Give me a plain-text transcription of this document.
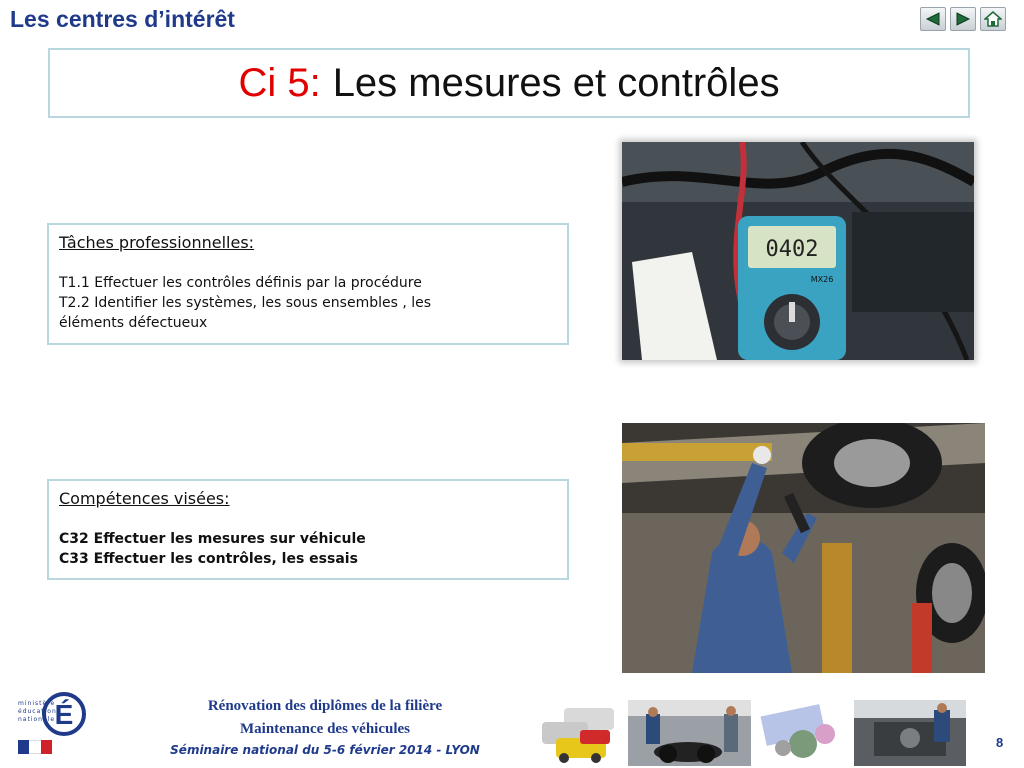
Les centres d’intérêt
Ci 5: Les mesures et contrôles
Tâches professionnelles:
T1.1 Effectuer les contrôles définis par la procédure
T2.2 Identifier les systèmes, les sous ensembles , les
éléments défectueux
Compétences visées:
C32 Effectuer les mesures sur véhicule
C33 Effectuer les contrôles, les essais
0402
MX26
ministère
éducation
nationale É	Rénovation des diplômes de la filière
Maintenance des véhicules
Séminaire national du 5-6 février 2014 - LYON	8
